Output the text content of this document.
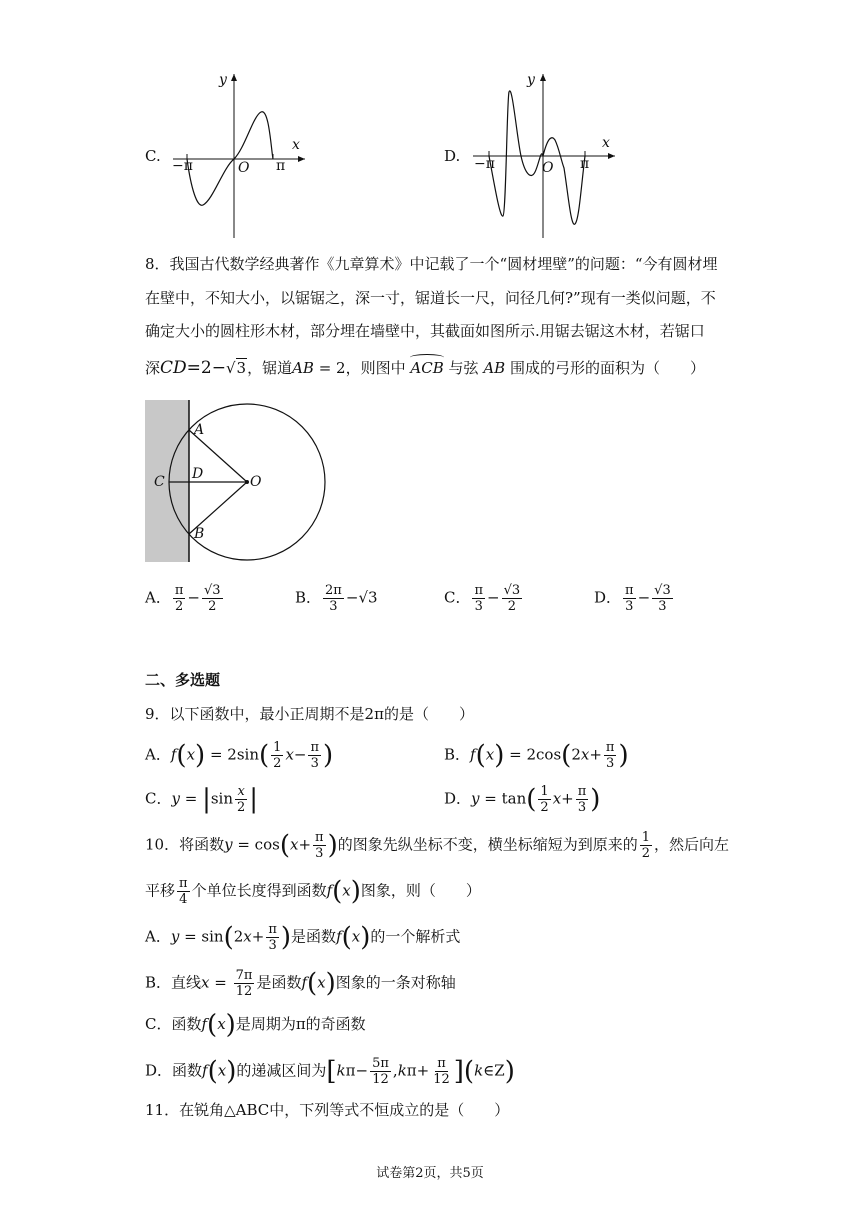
C.
y
x
O
−π	π
D.
y
x
O
−π	π
8．我国古代数学经典著作《九章算术》中记载了一个“圆材埋壁”的问题：“今有圆材埋
在壁中，不知大小，以锯锯之，深一寸，锯道长一尺，问径几何?”现有一类似问题，不
确定大小的圆柱形木材，部分埋在墙壁中，其截面如图所示.用锯去锯这木材，若锯口
深CD=2−√3，锯道AB = 2，则图中 ACB 与弦 AB 围成的弓形的面积为（　　）
A
B
C D	O
A． $\frac{\pi}{2} - \frac{√3}{2}$	B． $\frac{2\pi}{3} -√3$	C． $\frac{\pi}{3} - \frac{√3}{2}$	D． $\frac{\pi}{3} - \frac{√3}{3}$
二、多选题
9．以下函数中，最小正周期不是2π的是（　　）
A．$f(x) = 2\sin( \frac{1}{2} x- \frac{\pi}{3}$ )	B．$f(x) = 2\cos(2x+ \frac{\pi}{3}$ )
C．$y = |\sin \frac{x}{2}$ |	D．$y = \tan( \frac{1}{2} x+ \frac{\pi}{3}$ )
10．将函数$y = \cos(x+ \frac{\pi}{3}$ )的图象先纵坐标不变，横坐标缩短为到原来的 $\frac{1}{2}$ ，然后向左
平移 $\frac{\pi}{4}$ 个单位长度得到函数f(x)图象，则（　　）
A．$y = \sin(2x+ \frac{\pi}{3}$ )是函数f(x)的一个解析式
B．直线$x = \frac{7\pi}{12}$ 是函数f(x)图象的一条对称轴
C．函数f(x)是周期为π的奇函数
D．函数f(x)的递减区间为[$k\pi- \frac{5\pi}{12} ,k\pi+ \frac{\pi}{12}$ ](k∈Z)
11．在锐角△ABC中，下列等式不恒成立的是（　　）
试卷第2页，共5页
